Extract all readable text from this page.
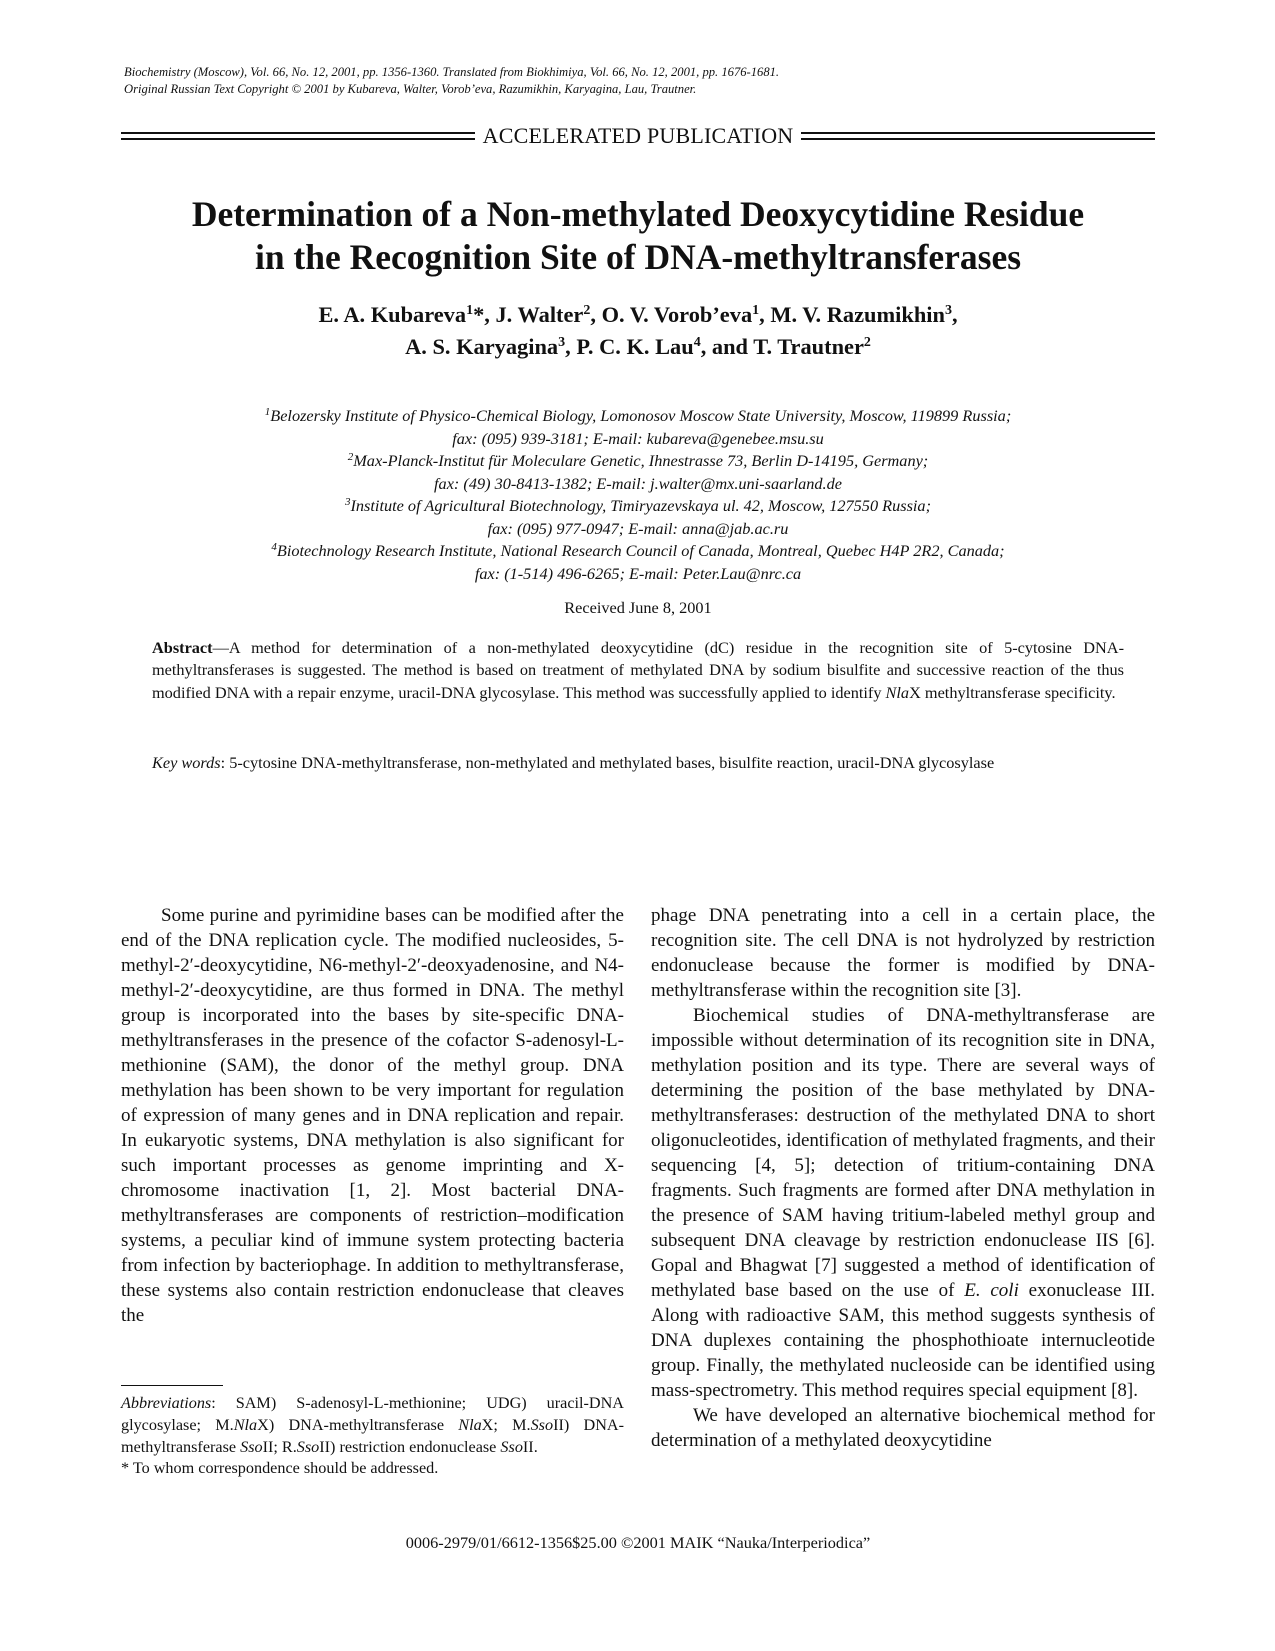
Biochemistry (Moscow), Vol. 66, No. 12, 2001, pp. 1356-1360. Translated from Biokhimiya, Vol. 66, No. 12, 2001, pp. 1676-1681.
Original Russian Text Copyright © 2001 by Kubareva, Walter, Vorob’eva, Razumikhin, Karyagina, Lau, Trautner.
ACCELERATED PUBLICATION
Determination of a Non-methylated Deoxycytidine Residue
in the Recognition Site of DNA-methyltransferases
E. A. Kubareva$^1$*, J. Walter$^2$, O. V. Vorob’eva$^1$, M. V. Razumikhin$^3$,
A. S. Karyagina$^3$, P. C. K. Lau$^4$, and T. Trautner$^2$
$^1$Belozersky Institute of Physico-Chemical Biology, Lomonosov Moscow State University, Moscow, 119899 Russia;
fax: (095) 939-3181; E-mail: kubareva@genebee.msu.su
$^2$Max-Planck-Institut für Moleculare Genetic, Ihnestrasse 73, Berlin D-14195, Germany;
fax: (49) 30-8413-1382; E-mail: j.walter@mx.uni-saarland.de
$^3$Institute of Agricultural Biotechnology, Timiryazevskaya ul. 42, Moscow, 127550 Russia;
fax: (095) 977-0947; E-mail: anna@jab.ac.ru
$^4$Biotechnology Research Institute, National Research Council of Canada, Montreal, Quebec H4P 2R2, Canada;
fax: (1-514) 496-6265; E-mail: Peter.Lau@nrc.ca
Received June 8, 2001
Abstract—A method for determination of a non-methylated deoxycytidine (dC) residue in the recognition site of 5-cytosine DNA-methyltransferases is suggested. The method is based on treatment of methylated DNA by sodium bisulfite and successive reaction of the thus modified DNA with a repair enzyme, uracil-DNA glycosylase. This method was successfully applied to identify NlaX methyltransferase specificity.
Key words: 5-cytosine DNA-methyltransferase, non-methylated and methylated bases, bisulfite reaction, uracil-DNA glycosylase

Some purine and pyrimidine bases can be modified after the end of the DNA replication cycle. The modified nucleosides, 5-methyl-2′-deoxycytidine, N6-methyl-2′-deoxyadenosine, and N4-methyl-2′-deoxycytidine, are thus formed in DNA. The methyl group is incorporated into the bases by site-specific DNA-methyltransferases in the presence of the cofactor S-adenosyl-L-methionine (SAM), the donor of the methyl group. DNA methylation has been shown to be very important for regulation of expression of many genes and in DNA replication and repair. In eukaryotic systems, DNA methylation is also significant for such important processes as genome imprinting and X-chromosome inactivation [1, 2]. Most bacterial DNA-methyltransferases are components of restriction–modification systems, a peculiar kind of immune system protecting bacteria from infection by bacteriophage. In addition to methyltransferase, these systems also contain restriction endonuclease that cleaves the

phage DNA penetrating into a cell in a certain place, the recognition site. The cell DNA is not hydrolyzed by restriction endonuclease because the former is modified by DNA-methyltransferase within the recognition site [3].

Biochemical studies of DNA-methyltransferase are impossible without determination of its recognition site in DNA, methylation position and its type. There are several ways of determining the position of the base methylated by DNA-methyltransferases: destruction of the methylated DNA to short oligonucleotides, identification of methylated fragments, and their sequencing [4, 5]; detection of tritium-containing DNA fragments. Such fragments are formed after DNA methylation in the presence of SAM having tritium-labeled methyl group and subsequent DNA cleavage by restriction endonuclease IIS [6]. Gopal and Bhagwat [7] suggested a method of identification of methylated base based on the use of E. coli exonuclease III. Along with radioactive SAM, this method suggests synthesis of DNA duplexes containing the phosphothioate internucleotide group. Finally, the methylated nucleoside can be identified using mass-spectrometry. This method requires special equipment [8].

We have developed an alternative biochemical method for determination of a methylated deoxycytidine

Abbreviations: SAM) S-adenosyl-L-methionine; UDG) uracil-DNA glycosylase; M.NlaX) DNA-methyltransferase NlaX; M.SsoII) DNA-methyltransferase SsoII; R.SsoII) restriction endonuclease SsoII.

* To whom correspondence should be addressed.

0006-2979/01/6612-1356$25.00 ©2001 MAIK “Nauka/Interperiodica”
